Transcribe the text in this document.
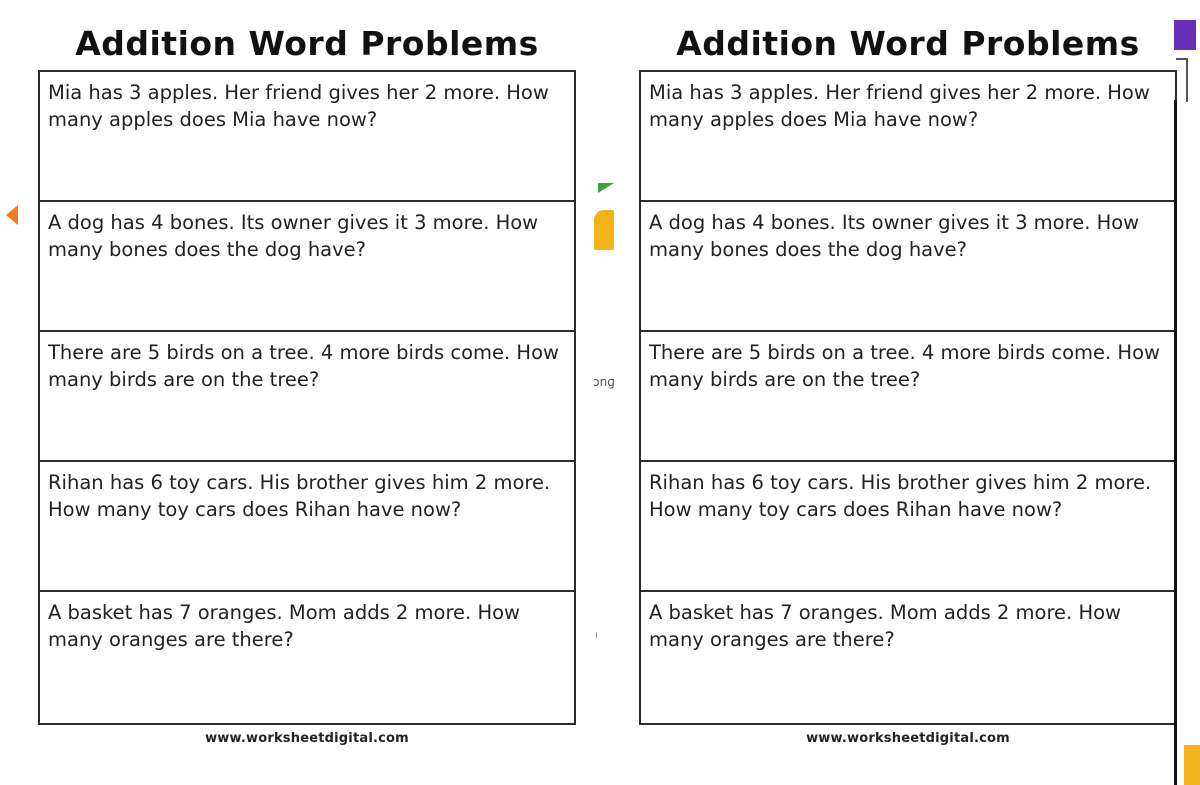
Addition Word Problems
Mia has 3 apples. Her friend gives her 2 more. How many apples does Mia have now?
A dog has 4 bones. Its owner gives it 3 more. How many bones does the dog have?
There are 5 birds on a tree. 4 more birds come. How many birds are on the tree?
Rihan has 6 toy cars. His brother gives him 2 more. How many toy cars does Rihan have now?
A basket has 7 oranges. Mom adds 2 more. How many oranges are there?
www.worksheetdigital.com
Addition Word Problems
Mia has 3 apples. Her friend gives her 2 more. How many apples does Mia have now?
A dog has 4 bones. Its owner gives it 3 more. How many bones does the dog have?
There are 5 birds on a tree. 4 more birds come. How many birds are on the tree?
Rihan has 6 toy cars. His brother gives him 2 more. How many toy cars does Rihan have now?
A basket has 7 oranges. Mom adds 2 more. How many oranges are there?
www.worksheetdigital.com
ɔnɡ
ı
